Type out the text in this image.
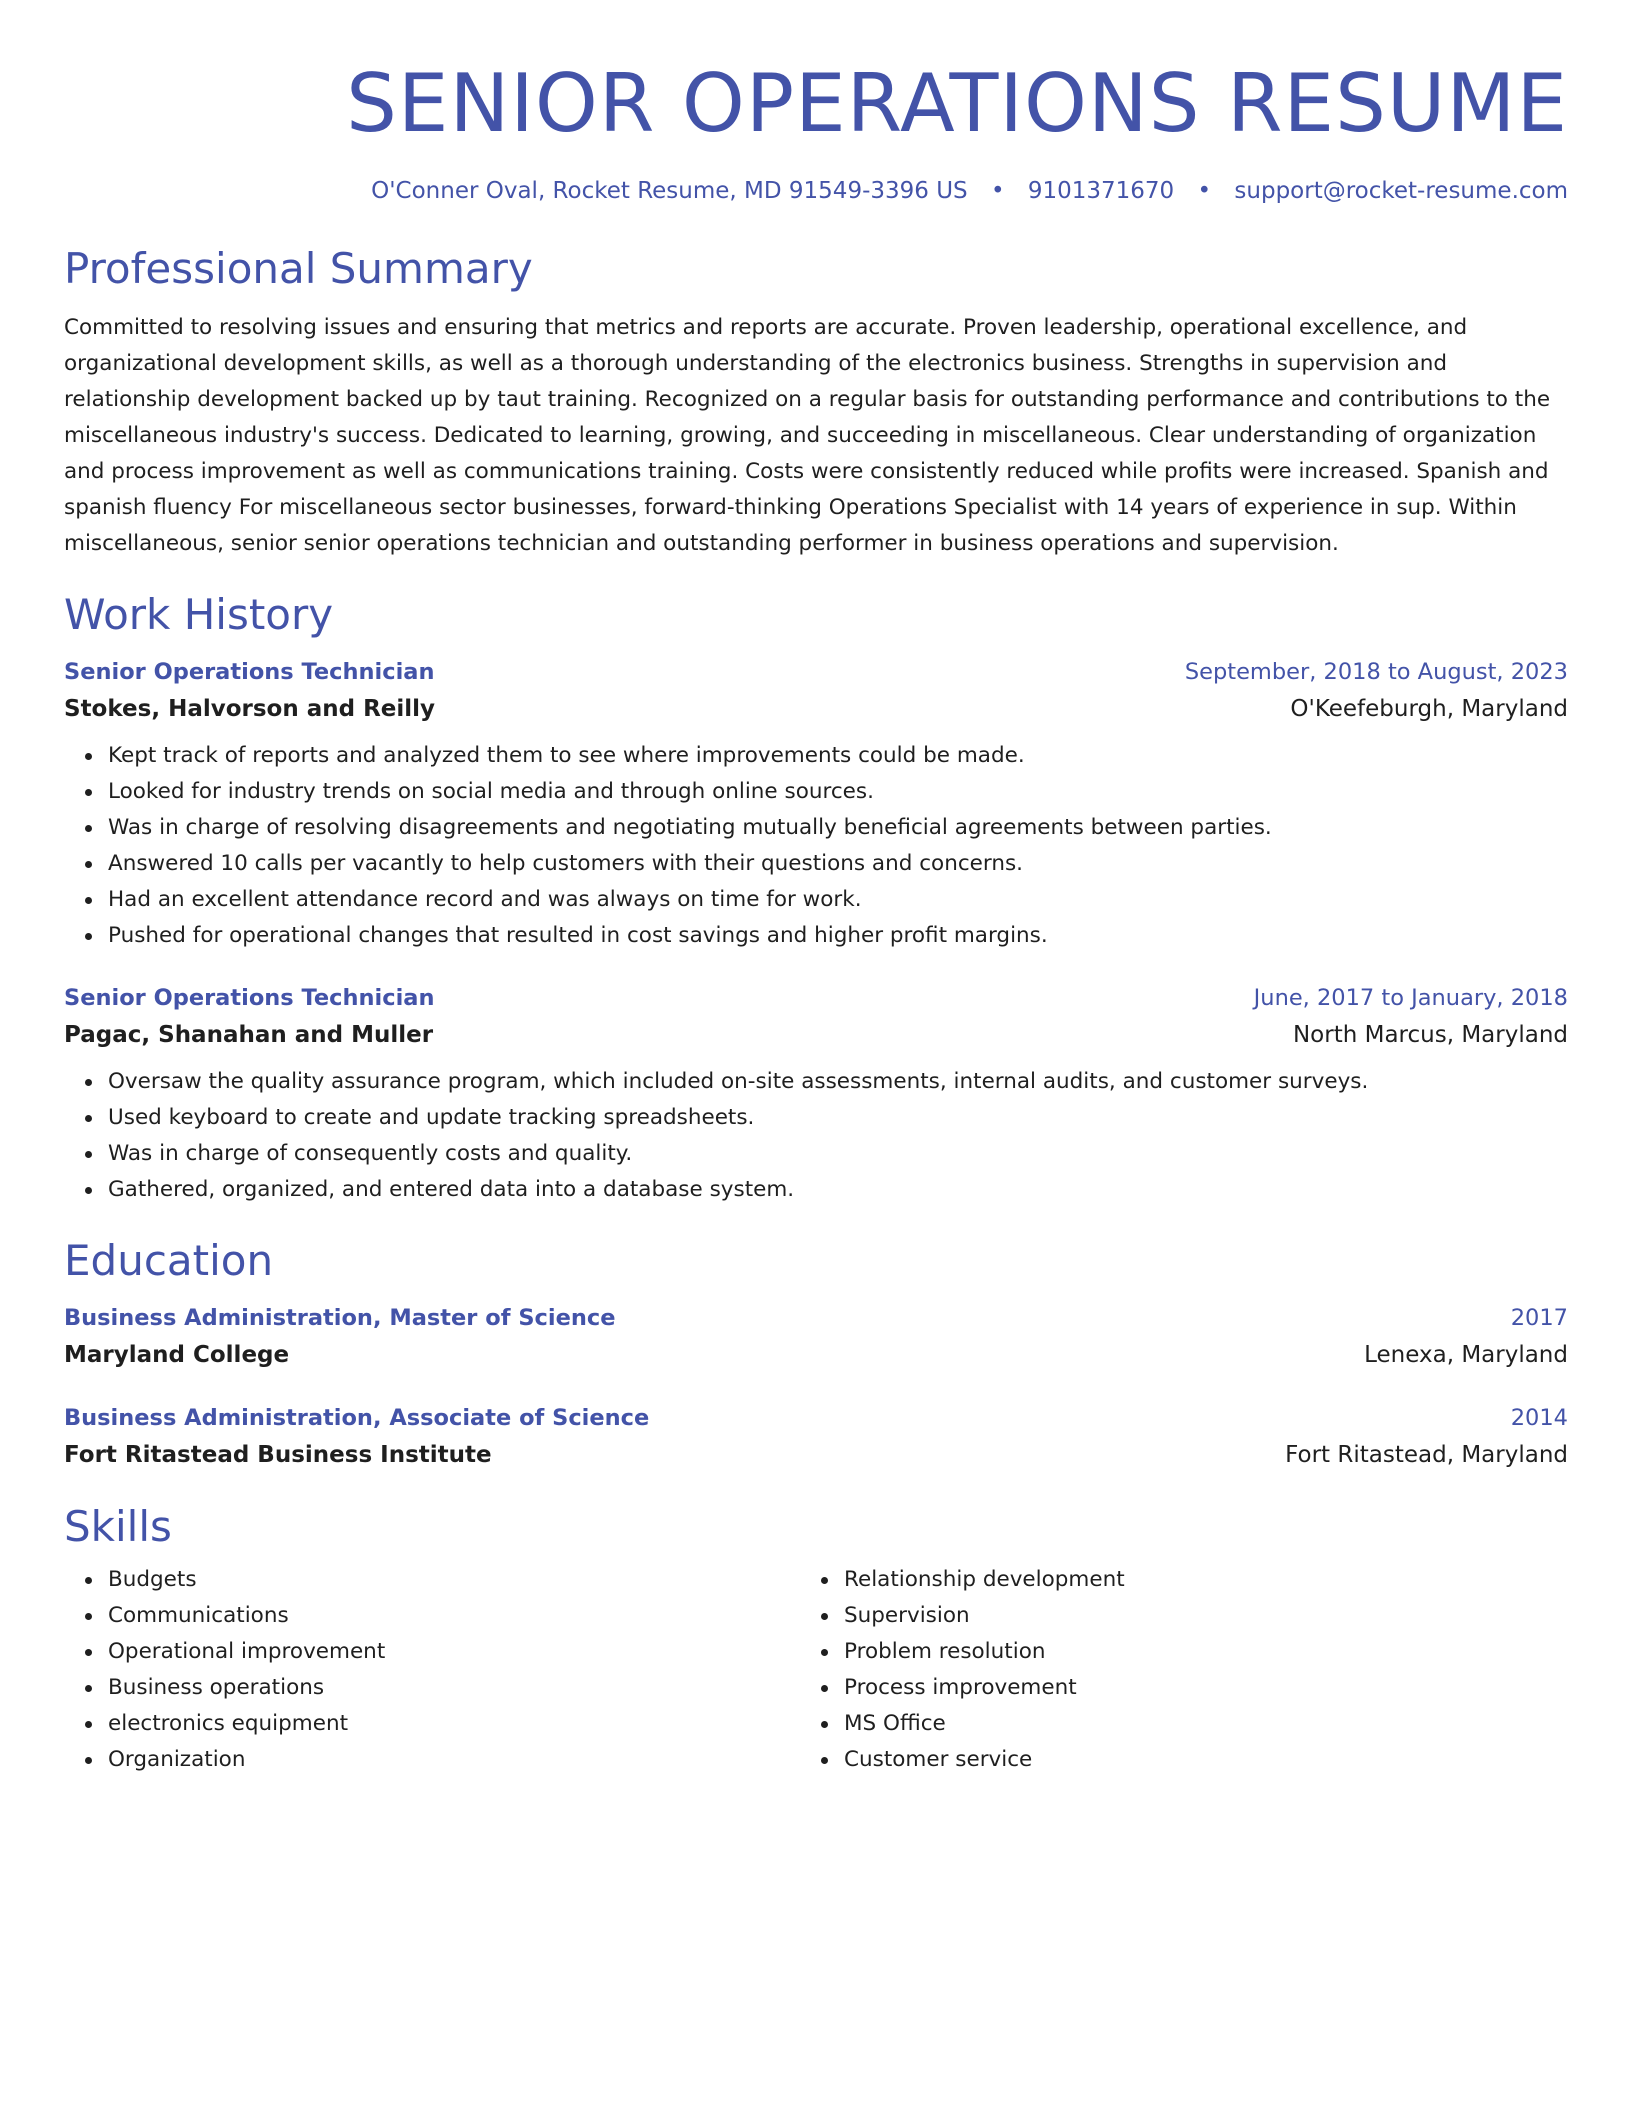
SENIOR OPERATIONS RESUME
O'Conner Oval, Rocket Resume, MD 91549-3396 US • 9101371670 • support@rocket-resume.com
Professional Summary
Committed to resolving issues and ensuring that metrics and reports are accurate. Proven leadership, operational excellence, and organizational development skills, as well as a thorough understanding of the electronics business. Strengths in supervision and relationship development backed up by taut training. Recognized on a regular basis for outstanding performance and contributions to the miscellaneous industry's success. Dedicated to learning, growing, and succeeding in miscellaneous. Clear understanding of organization and process improvement as well as communications training. Costs were consistently reduced while profits were increased. Spanish and spanish fluency For miscellaneous sector businesses, forward-thinking Operations Specialist with 14 years of experience in sup. Within miscellaneous, senior senior operations technician and outstanding performer in business operations and supervision.
Work History
Senior Operations Technician	September, 2018 to August, 2023
Stokes, Halvorson and Reilly	O'Keefeburgh, Maryland
Kept track of reports and analyzed them to see where improvements could be made.
Looked for industry trends on social media and through online sources.
Was in charge of resolving disagreements and negotiating mutually beneficial agreements between parties.
Answered 10 calls per vacantly to help customers with their questions and concerns.
Had an excellent attendance record and was always on time for work.
Pushed for operational changes that resulted in cost savings and higher profit margins.
Senior Operations Technician	June, 2017 to January, 2018
Pagac, Shanahan and Muller	North Marcus, Maryland
Oversaw the quality assurance program, which included on-site assessments, internal audits, and customer surveys.
Used keyboard to create and update tracking spreadsheets.
Was in charge of consequently costs and quality.
Gathered, organized, and entered data into a database system.
Education
Business Administration, Master of Science	2017
Maryland College	Lenexa, Maryland
Business Administration, Associate of Science	2014
Fort Ritastead Business Institute	Fort Ritastead, Maryland
Skills
Budgets
Communications
Operational improvement
Business operations
electronics equipment
Organization
Relationship development
Supervision
Problem resolution
Process improvement
MS Office
Customer service
